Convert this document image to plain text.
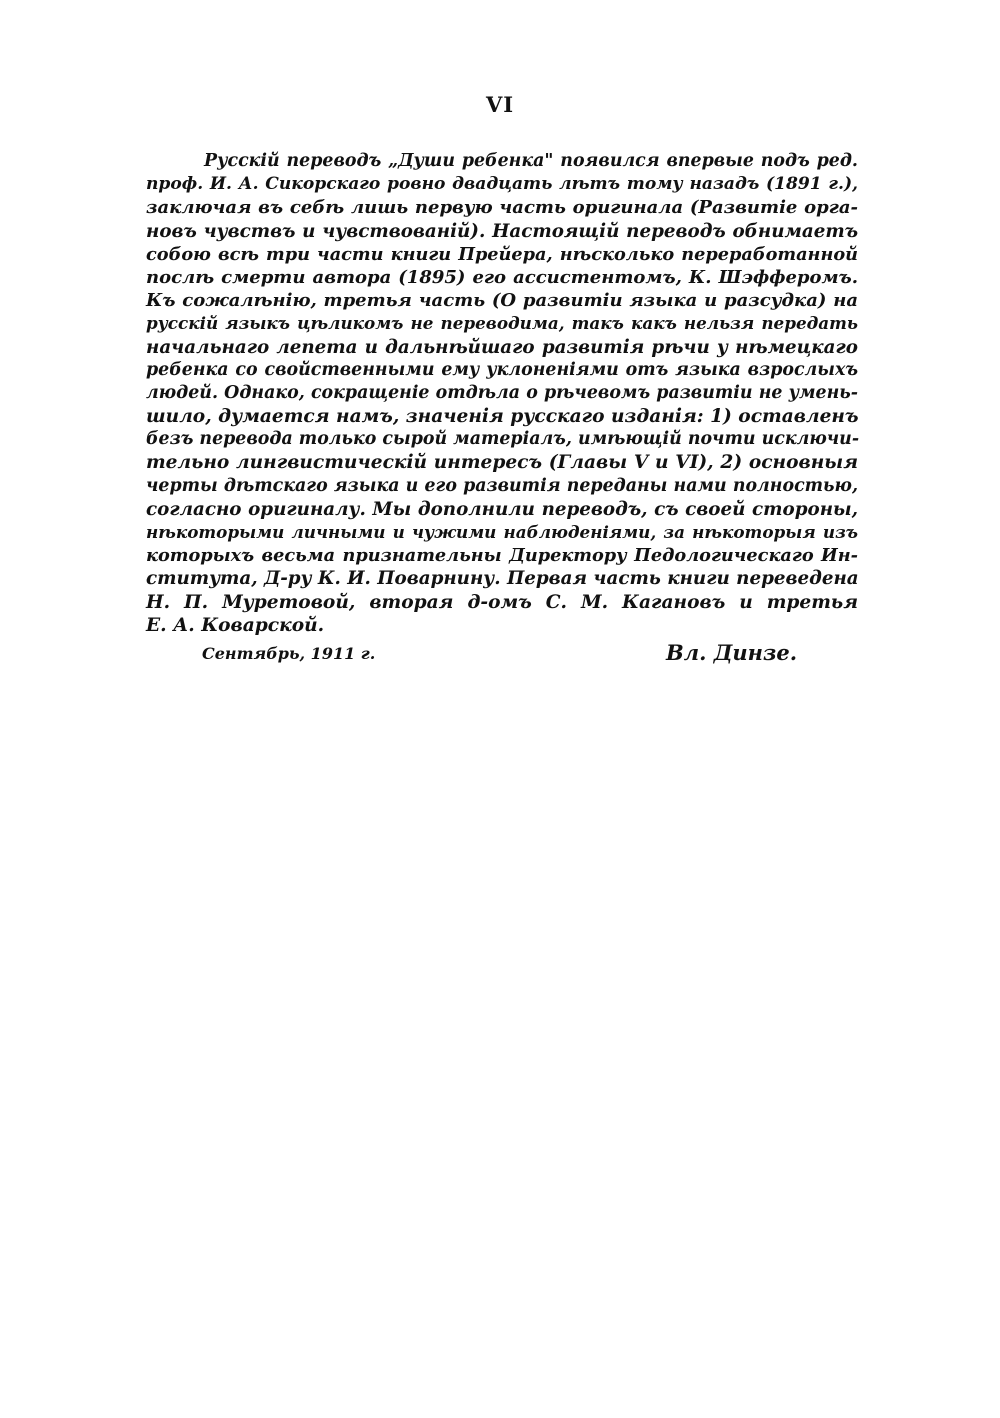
VI
Русскій переводъ „Души ребенка" появился впервые подъ ред.
проф. И. А. Сикорскаго ровно двадцать лѣтъ тому назадъ (1891 г.),
заключая въ себѣ лишь первую часть оригинала (Развитіе орга-
новъ чувствъ и чувствованій). Настоящій переводъ обнимаетъ
собою всѣ три части книги Прейера, нѣсколько переработанной
послѣ смерти автора (1895) его ассистентомъ, К. Шэфферомъ.
Къ сожалѣнію, третья часть (О развитіи языка и разсудка) на
русскій языкъ цѣликомъ не переводима, такъ какъ нельзя передать
начальнаго лепета и дальнѣйшаго развитія рѣчи у нѣмецкаго
ребенка со свойственными ему уклоненіями отъ языка взрослыхъ
людей. Однако, сокращеніе отдѣла о рѣчевомъ развитіи не умень-
шило, думается намъ, значенія русскаго изданія: 1) оставленъ
безъ перевода только сырой матеріалъ, имѣющій почти исключи-
тельно лингвистическій интересъ (Главы V и VI), 2) основныя
черты дѣтскаго языка и его развитія переданы нами полностью,
согласно оригиналу. Мы дополнили переводъ, съ своей стороны,
нѣкоторыми личными и чужими наблюденіями, за нѣкоторыя изъ
которыхъ весьма признательны Директору Педологическаго Ин-
ститута, Д-ру К. И. Поварнину. Первая часть книги переведена
Н. П. Муретовой, вторая д-омъ С. М. Кагановъ и третья
Е. А. Коварской.
Сентябрь, 1911 г.	Вл. Динзе.
